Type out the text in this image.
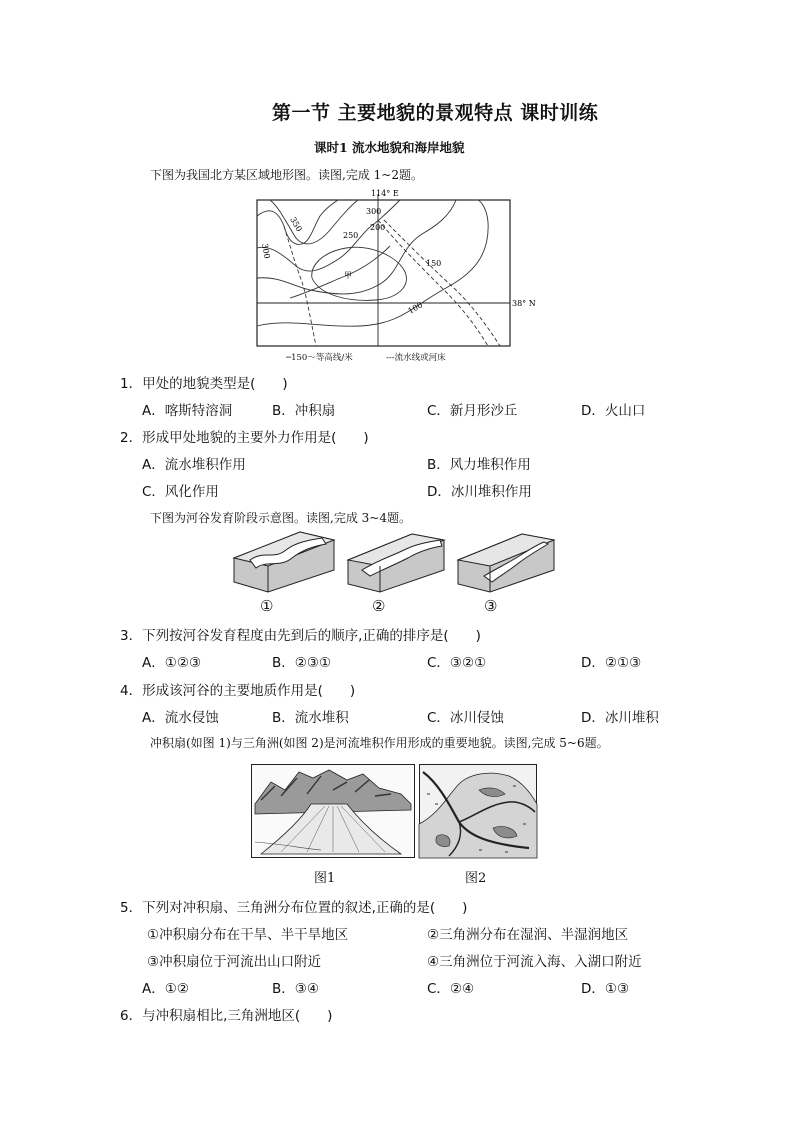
第一节 主要地貌的景观特点 课时训练
课时1 流水地貌和海岸地貌
下图为我国北方某区域地形图。读图,完成 1~2题。
114° E
38° N
350
300
300
250
200
150
100
甲
─150～等高线/米	---流水线或河床
1．甲处的地貌类型是(　　)
A．喀斯特溶洞	B．冲积扇	C．新月形沙丘	D．火山口
2．形成甲处地貌的主要外力作用是(　　)
A．流水堆积作用	B．风力堆积作用
C．风化作用	D．冰川堆积作用
下图为河谷发育阶段示意图。读图,完成 3~4题。
①	②	③
3．下列按河谷发育程度由先到后的顺序,正确的排序是(　　)
A．①②③	B．②③①	C．③②①	D．②①③
4．形成该河谷的主要地质作用是(　　)
A．流水侵蚀	B．流水堆积	C．冰川侵蚀	D．冰川堆积
冲积扇(如图 1)与三角洲(如图 2)是河流堆积作用形成的重要地貌。读图,完成 5~6题。
图1	图2
5．下列对冲积扇、三角洲分布位置的叙述,正确的是(　　)
①冲积扇分布在干旱、半干旱地区	②三角洲分布在湿润、半湿润地区
③冲积扇位于河流出山口附近	④三角洲位于河流入海、入湖口附近
A．①②	B．③④	C．②④	D．①③
6．与冲积扇相比,三角洲地区(　　)
